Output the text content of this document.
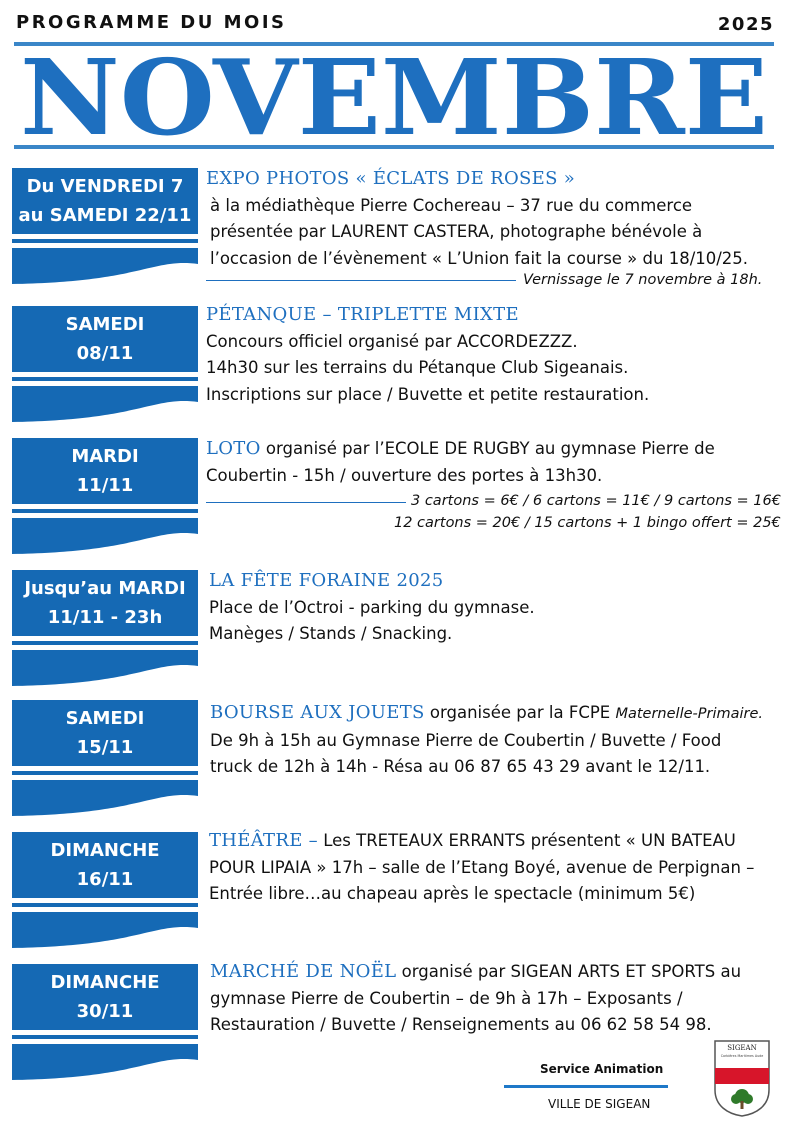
PROGRAMME DU MOIS	2025
NOVEMBRE
Du VENDREDI 7
au SAMEDI 22/11
EXPO PHOTOS « ÉCLATS DE ROSES »
à la médiathèque Pierre Cochereau – 37 rue du commerce
présentée par LAURENT CASTERA, photographe bénévole à
l’occasion de l’évènement « L’Union fait la course » du 18/10/25.
Vernissage le 7 novembre à 18h.
SAMEDI
08/11
PÉTANQUE – TRIPLETTE MIXTE
Concours officiel organisé par ACCORDEZZZ.
14h30 sur les terrains du Pétanque Club Sigeanais.
Inscriptions sur place / Buvette et petite restauration.
MARDI
11/11
LOTO organisé par l’ECOLE DE RUGBY au gymnase Pierre de
Coubertin - 15h / ouverture des portes à 13h30.
3 cartons = 6€ / 6 cartons = 11€ / 9 cartons = 16€
12 cartons = 20€ / 15 cartons + 1 bingo offert = 25€
Jusqu’au MARDI
11/11 - 23h
LA FÊTE FORAINE 2025
Place de l’Octroi - parking du gymnase.
Manèges / Stands / Snacking.
SAMEDI
15/11
BOURSE AUX JOUETS organisée par la FCPE Maternelle-Primaire.
De 9h à 15h au Gymnase Pierre de Coubertin / Buvette / Food
truck de 12h à 14h - Résa au 06 87 65 43 29 avant le 12/11.
DIMANCHE
16/11
THÉÂTRE – Les TRETEAUX ERRANTS présentent « UN BATEAU
POUR LIPAIA » 17h – salle de l’Etang Boyé, avenue de Perpignan –
Entrée libre…au chapeau après le spectacle (minimum 5€)
DIMANCHE
30/11
MARCHÉ DE NOËL organisé par SIGEAN ARTS ET SPORTS au
gymnase Pierre de Coubertin – de 9h à 17h – Exposants /
Restauration / Buvette / Renseignements au 06 62 58 54 98.
Service Animation
VILLE DE SIGEAN
SIGEAN
Corbières Maritimes Aude
